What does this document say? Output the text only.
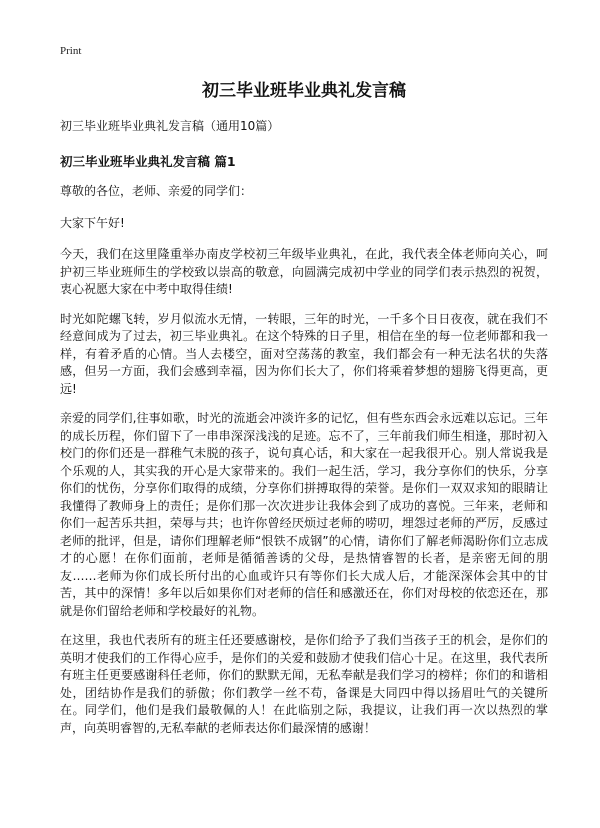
Print
初三毕业班毕业典礼发言稿
初三毕业班毕业典礼发言稿（通用10篇）
初三毕业班毕业典礼发言稿 篇1

尊敬的各位，老师、亲爱的同学们：

大家下午好!

今天，我们在这里隆重举办南皮学校初三年级毕业典礼，在此，我代表全体老师向关心，呵护初三毕业班师生的学校致以崇高的敬意，向圆满完成初中学业的同学们表示热烈的祝贺，衷心祝愿大家在中考中取得佳绩!

时光如陀螺飞转，岁月似流水无情，一转眼，三年的时光，一千多个日日夜夜，就在我们不经意间成为了过去，初三毕业典礼。在这个特殊的日子里，相信在坐的每一位老师都和我一样，有着矛盾的心情。当人去楼空，面对空荡荡的教室，我们都会有一种无法名状的失落感，但另一方面，我们会感到幸福，因为你们长大了，你们将乘着梦想的翅膀飞得更高，更远!

亲爱的同学们,往事如歌，时光的流逝会冲淡许多的记忆，但有些东西会永远难以忘记。三年的成长历程，你们留下了一串串深深浅浅的足迹。忘不了，三年前我们师生相逢，那时初入校门的你们还是一群稚气未脱的孩子，说句真心话，和大家在一起我很开心。别人常说我是个乐观的人，其实我的开心是大家带来的。我们一起生活，学习，我分享你们的快乐，分享你们的忧伤，分享你们取得的成绩，分享你们拼搏取得的荣誉。是你们一双双求知的眼睛让我懂得了教师身上的责任；是你们那一次次进步让我体会到了成功的喜悦。三年来，老师和你们一起苦乐共担，荣辱与共；也许你曾经厌烦过老师的唠叨，埋怨过老师的严厉，反感过老师的批评，但是，请你们理解老师“恨铁不成钢”的心情，请你们了解老师渴盼你们立志成才的心愿！在你们面前，老师是循循善诱的父母，是热情睿智的长者，是亲密无间的朋友……老师为你们成长所付出的心血或许只有等你们长大成人后，才能深深体会其中的甘苦，其中的深情！多年以后如果你们对老师的信任和感激还在，你们对母校的依恋还在，那就是你们留给老师和学校最好的礼物。

在这里，我也代表所有的班主任还要感谢校，是你们给予了我们当孩子王的机会，是你们的英明才使我们的工作得心应手，是你们的关爱和鼓励才使我们信心十足。在这里，我代表所有班主任更要感谢科任老师，你们的默默无闻，无私奉献是我们学习的榜样；你们的和谐相处，团结协作是我们的骄傲；你们教学一丝不苟，备课是大同四中得以扬眉吐气的关键所在。同学们，他们是我们最敬佩的人！在此临别之际，我提议，让我们再一次以热烈的掌声，向英明睿智的,无私奉献的老师表达你们最深情的感谢！
